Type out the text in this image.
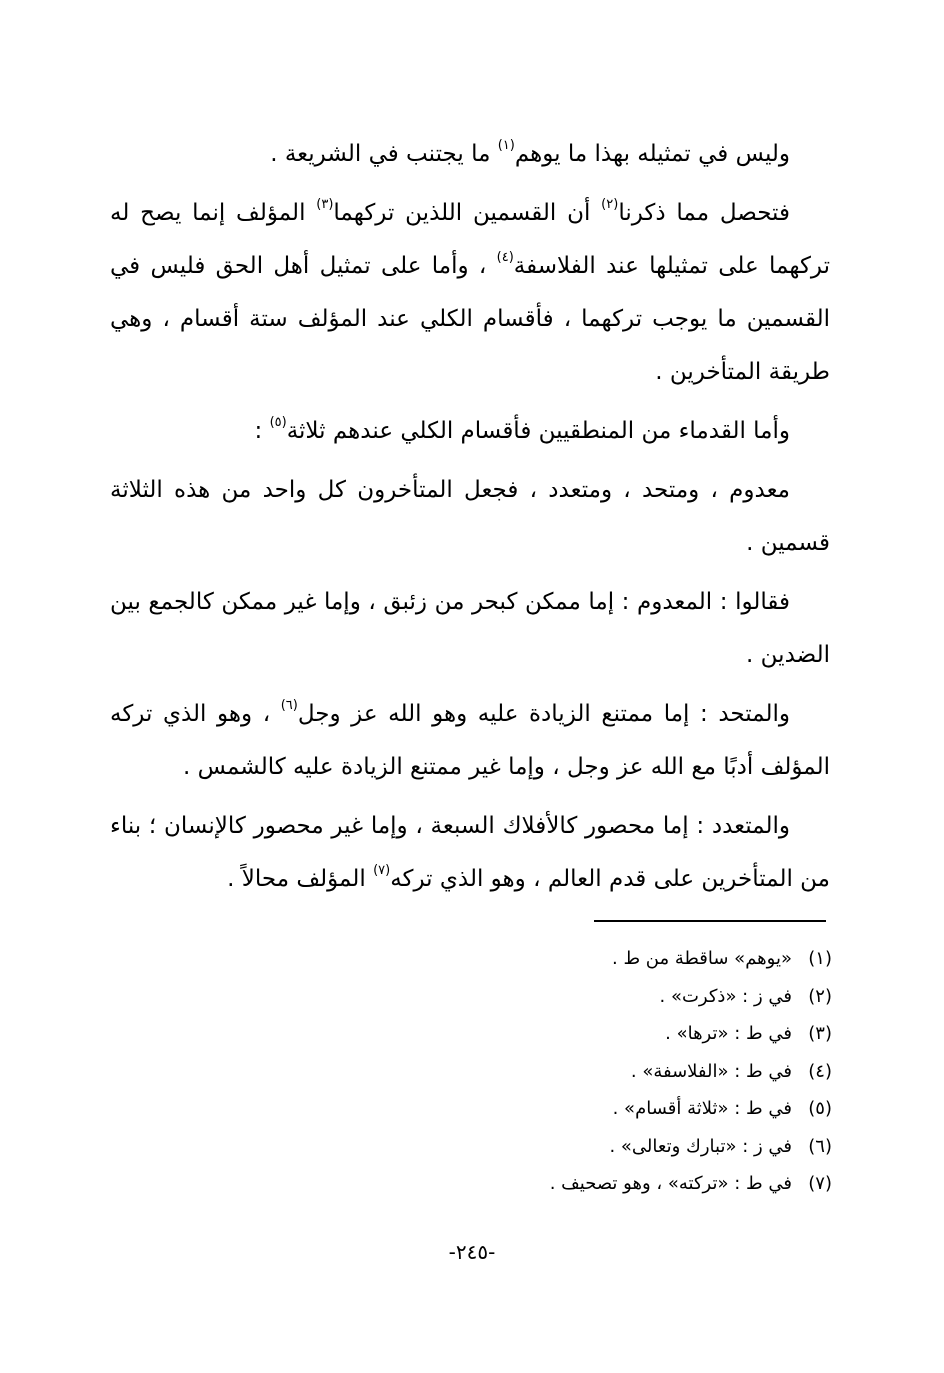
وليس في تمثيله بهذا ما يوهم$^{(١)}$ ما يجتنب في الشريعة .

فتحصل مما ذكرنا$^{(٢)}$ أن القسمين اللذين تركهما$^{(٣)}$ المؤلف إنما يصح له تركهما على تمثيلها عند الفلاسفة$^{(٤)}$ ، وأما على تمثيل أهل الحق فليس في القسمين ما يوجب تركهما ، فأقسام الكلي عند المؤلف ستة أقسام ، وهي طريقة المتأخرين .

وأما القدماء من المنطقيين فأقسام الكلي عندهم ثلاثة$^{(٥)}$ :

معدوم ، ومتحد ، ومتعدد ، فجعل المتأخرون كل واحد من هذه الثلاثة قسمين .

فقالوا : المعدوم : إما ممكن كبحر من زئبق ، وإما غير ممكن كالجمع بين الضدين .

والمتحد : إما ممتنع الزيادة عليه وهو الله عز وجل$^{(٦)}$ ، وهو الذي تركه المؤلف أدبًا مع الله عز وجل ، وإما غير ممتنع الزيادة عليه كالشمس .

والمتعدد : إما محصور كالأفلاك السبعة ، وإما غير محصور كالإنسان ؛ بناء من المتأخرين على قدم العالم ، وهو الذي تركه$^{(٧)}$ المؤلف محالاً .

(١)
«يوهم» ساقطة من ط .
(٢)
في ز : «ذكرت» .
(٣)
في ط : «ترها» .
(٤)
في ط : «الفلاسفة» .
(٥)
في ط : «ثلاثة أقسام» .
(٦)
في ز : «تبارك وتعالى» .
(٧)
في ط : «تركته» ، وهو تصحيف .
-٢٤٥-
